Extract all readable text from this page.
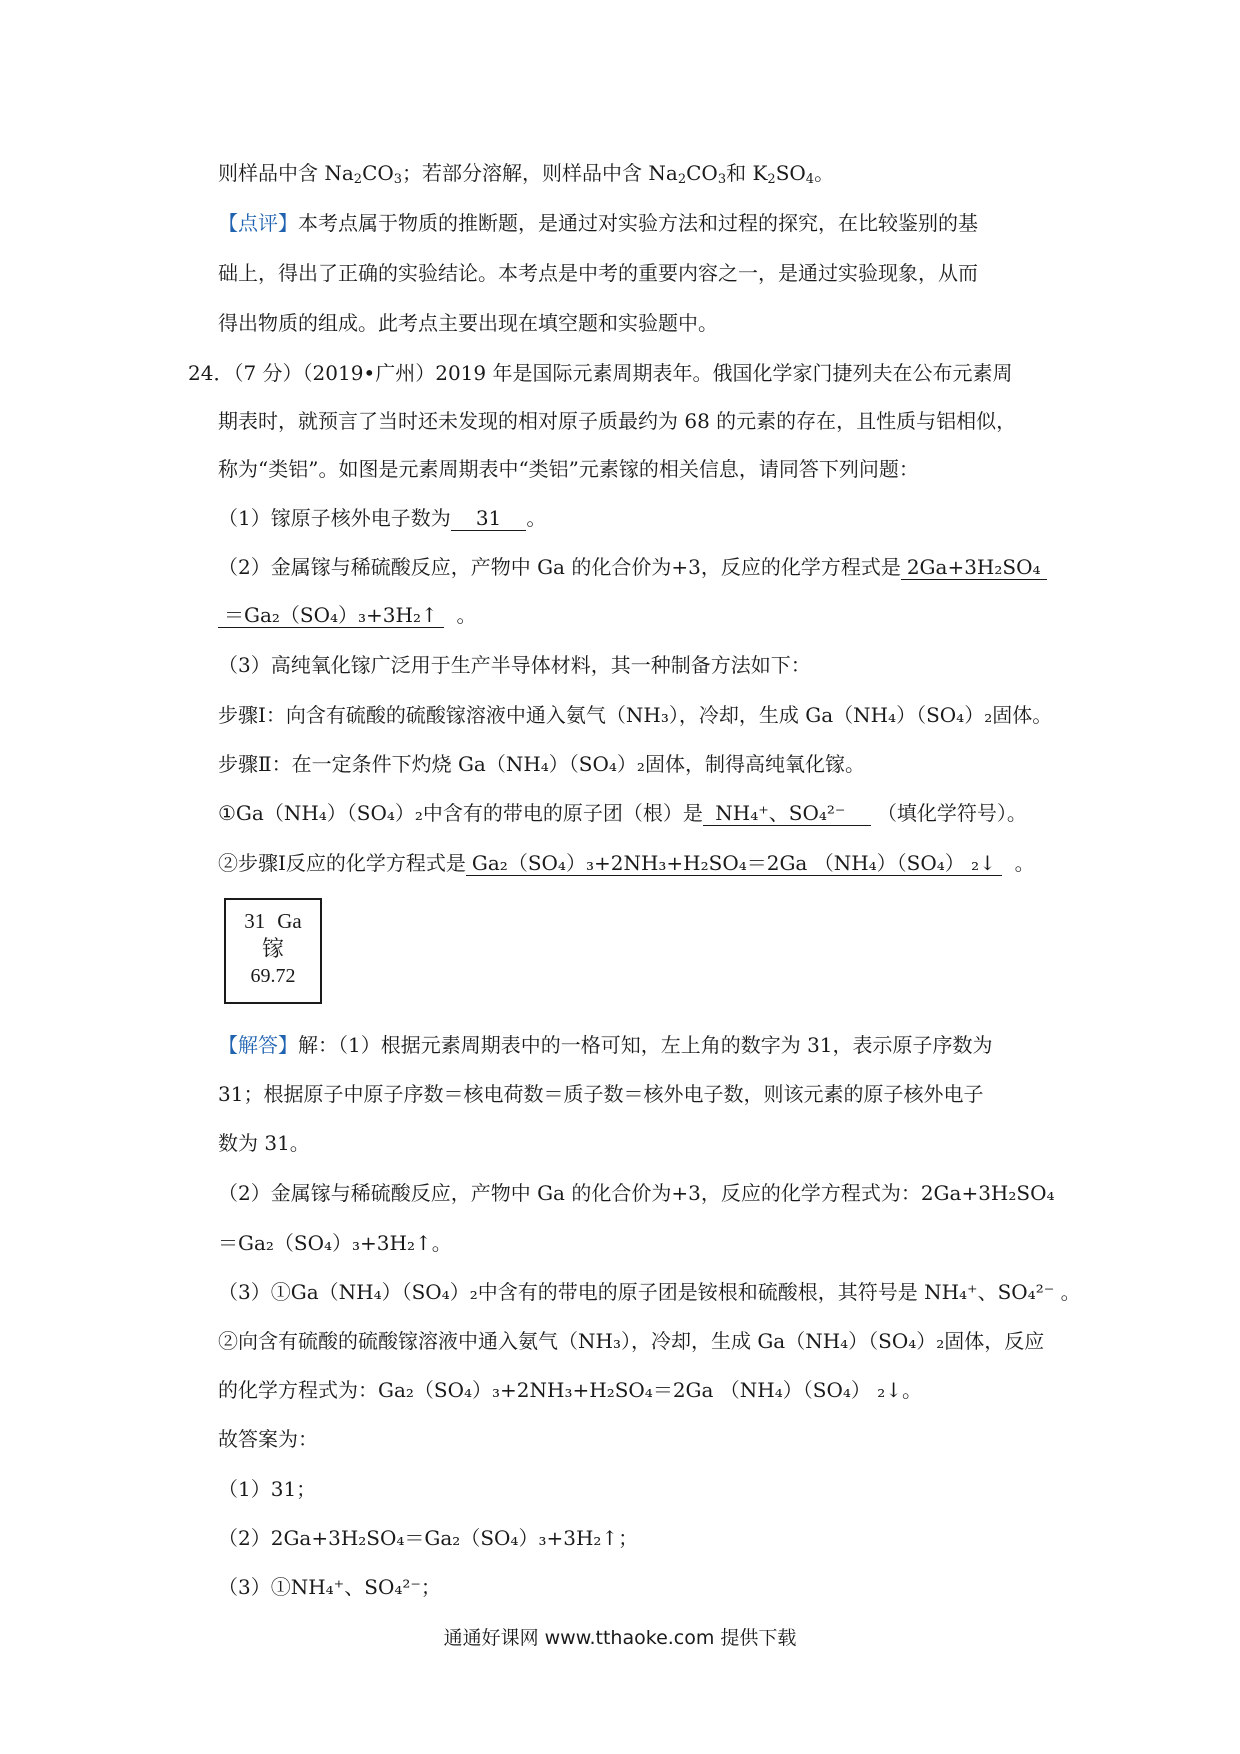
则样品中含 $Na_2CO_3$；若部分溶解，则样品中含 $Na_2CO_3$和 $K_2SO_4$。
【点评】本考点属于物质的推断题，是通过对实验方法和过程的探究，在比较鉴别的基
础上，得出了正确的实验结论。本考点是中考的重要内容之一，是通过实验现象，从而
得出物质的组成。此考点主要出现在填空题和实验题中。
24．（7 分）（2019•广州）2019 年是国际元素周期表年。俄国化学家门捷列夫在公布元素周
期表时，就预言了当时还未发现的相对原子质最约为 68 的元素的存在，且性质与铝相似，
称为“类铝”。如图是元素周期表中“类铝”元素镓的相关信息，请同答下列问题：
（1）镓原子核外电子数为 31 。
（2）金属镓与稀硫酸反应，产物中 Ga 的化合价为+3，反应的化学方程式是 2Ga+3H₂SO₄
＝Ga₂（SO₄）₃+3H₂↑ 。
（3）高纯氧化镓广泛用于生产半导体材料，其一种制备方法如下：
步骤Ⅰ：向含有硫酸的硫酸镓溶液中通入氨气（NH₃），冷却，生成 Ga（NH₄）（SO₄）₂固体。
步骤Ⅱ：在一定条件下灼烧 Ga（NH₄）（SO₄）₂固体，制得高纯氧化镓。
①Ga（NH₄）（SO₄）₂中含有的带电的原子团（根）是 NH₄⁺、SO₄²⁻ （填化学符号）。
②步骤Ⅰ反应的化学方程式是 Ga₂（SO₄）₃+2NH₃+H₂SO₄＝2Ga （NH₄）（SO₄） ₂↓ 。
31 Ga
镓
69.72
【解答】解：（1）根据元素周期表中的一格可知，左上角的数字为 31，表示原子序数为
31；根据原子中原子序数＝核电荷数＝质子数＝核外电子数，则该元素的原子核外电子
数为 31。
（2）金属镓与稀硫酸反应，产物中 Ga 的化合价为+3，反应的化学方程式为：2Ga+3H₂SO₄
＝Ga₂（SO₄）₃+3H₂↑。
（3）①Ga（NH₄）（SO₄）₂中含有的带电的原子团是铵根和硫酸根，其符号是 NH₄⁺、SO₄²⁻ 。
②向含有硫酸的硫酸镓溶液中通入氨气（NH₃），冷却，生成 Ga（NH₄）（SO₄）₂固体，反应
的化学方程式为：Ga₂（SO₄）₃+2NH₃+H₂SO₄＝2Ga （NH₄）（SO₄） ₂↓。
故答案为：
（1）31；
（2）2Ga+3H₂SO₄＝Ga₂（SO₄）₃+3H₂↑；
（3）①NH₄⁺、SO₄²⁻；
通通好课网 www.tthaoke.com 提供下载
